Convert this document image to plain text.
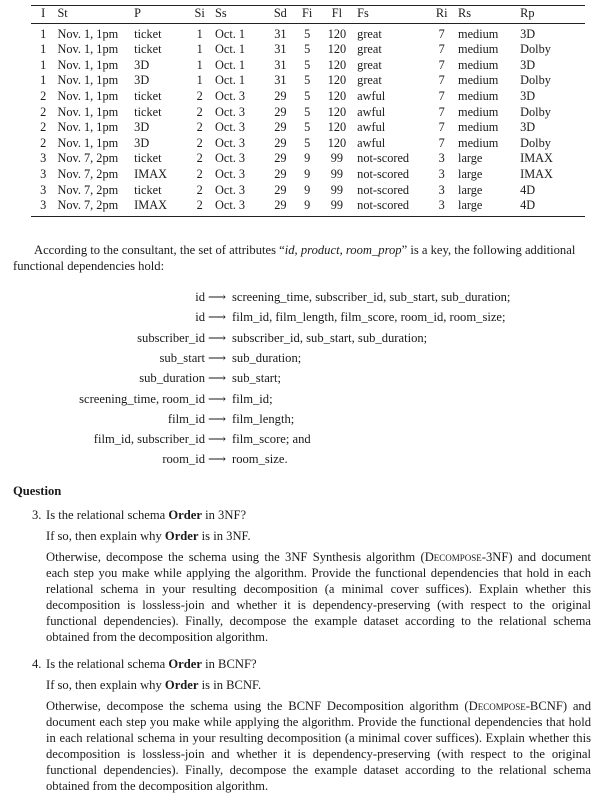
I	St	P	Si	Ss	Sd	Fi	Fl	Fs	Ri	Rs	Rp
1	Nov. 1, 1pm	ticket	1	Oct. 1	31	5	120	great	7	medium	3D
1	Nov. 1, 1pm	ticket	1	Oct. 1	31	5	120	great	7	medium	Dolby
1	Nov. 1, 1pm	3D	1	Oct. 1	31	5	120	great	7	medium	3D
1	Nov. 1, 1pm	3D	1	Oct. 1	31	5	120	great	7	medium	Dolby
2	Nov. 1, 1pm	ticket	2	Oct. 3	29	5	120	awful	7	medium	3D
2	Nov. 1, 1pm	ticket	2	Oct. 3	29	5	120	awful	7	medium	Dolby
2	Nov. 1, 1pm	3D	2	Oct. 3	29	5	120	awful	7	medium	3D
2	Nov. 1, 1pm	3D	2	Oct. 3	29	5	120	awful	7	medium	Dolby
3	Nov. 7, 2pm	ticket	2	Oct. 3	29	9	99	not-scored	3	large	IMAX
3	Nov. 7, 2pm	IMAX	2	Oct. 3	29	9	99	not-scored	3	large	IMAX
3	Nov. 7, 2pm	ticket	2	Oct. 3	29	9	99	not-scored	3	large	4D
3	Nov. 7, 2pm	IMAX	2	Oct. 3	29	9	99	not-scored	3	large	4D

According to the consultant, the set of attributes “id, product, room_prop” is a key, the following additional functional dependencies hold:

id ⟶ screening_time, subscriber_id, sub_start, sub_duration;
id ⟶ film_id, film_length, film_score, room_id, room_size;
subscriber_id ⟶ subscriber_id, sub_start, sub_duration;
sub_start ⟶ sub_duration;
sub_duration ⟶ sub_start;
screening_time, room_id ⟶ film_id;
film_id ⟶ film_length;
film_id, subscriber_id ⟶ film_score; and
room_id ⟶ room_size.

Question

3. Is the relational schema Order in 3NF?

If so, then explain why Order is in 3NF.

Otherwise, decompose the schema using the 3NF Synthesis algorithm (Decompose-3NF) and document each step you make while applying the algorithm. Provide the functional dependencies that hold in each relational schema in your resulting decomposition (a minimal cover suffices). Explain whether this decomposition is lossless-join and whether it is dependency-preserving (with respect to the original functional dependencies). Finally, decompose the example dataset according to the relational schema obtained from the decomposition algorithm.

4. Is the relational schema Order in BCNF?

If so, then explain why Order is in BCNF.

Otherwise, decompose the schema using the BCNF Decomposition algorithm (Decompose-BCNF) and document each step you make while applying the algorithm. Provide the functional dependencies that hold in each relational schema in your resulting decomposition (a minimal cover suffices). Explain whether this decomposition is lossless-join and whether it is dependency-preserving (with respect to the original functional dependencies). Finally, decompose the example dataset according to the relational schema obtained from the decomposition algorithm.
